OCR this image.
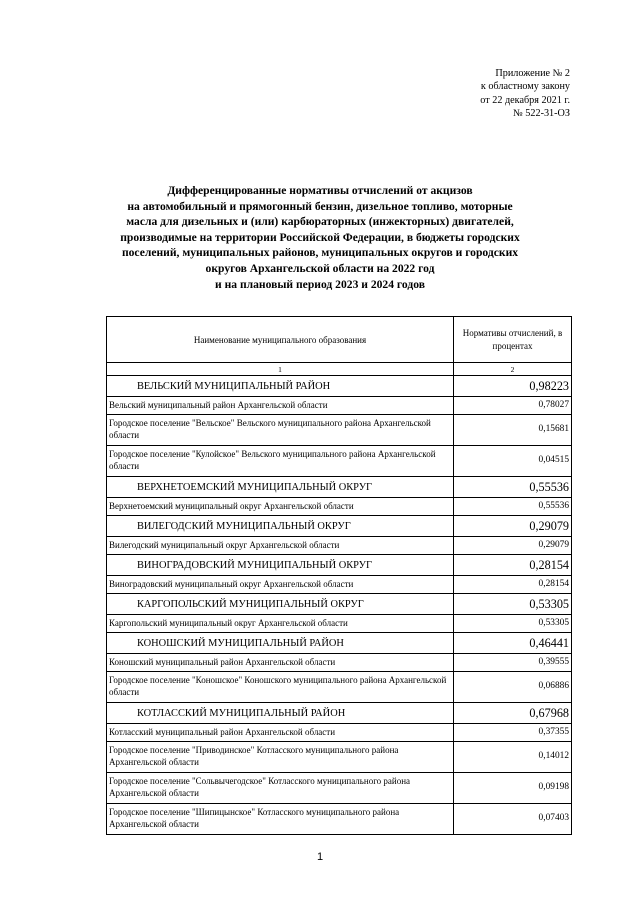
Приложение № 2
к областному закону
от 22 декабря 2021 г.
№ 522-31-ОЗ
Дифференцированные нормативы отчислений от акцизов
на автомобильный и прямогонный бензин, дизельное топливо, моторные
масла для дизельных и (или) карбюраторных (инжекторных) двигателей,
производимые на территории Российской Федерации, в бюджеты городских
поселений, муниципальных районов, муниципальных округов и городских
округов Архангельской области на 2022 год
и на плановый период 2023 и 2024 годов
Наименование муниципального образования	Нормативы отчислений, в процентах
1	2
ВЕЛЬСКИЙ МУНИЦИПАЛЬНЫЙ РАЙОН	0,98223
Вельский муниципальный район Архангельской области	0,78027
Городское поселение "Вельское" Вельского муниципального района Архангельской области	0,15681
Городское поселение "Кулойское" Вельского муниципального района Архангельской области	0,04515
ВЕРХНЕТОЕМСКИЙ МУНИЦИПАЛЬНЫЙ ОКРУГ	0,55536
Верхнетоемский муниципальный округ Архангельской области	0,55536
ВИЛЕГОДСКИЙ МУНИЦИПАЛЬНЫЙ ОКРУГ	0,29079
Вилегодский муниципальный округ Архангельской области	0,29079
ВИНОГРАДОВСКИЙ МУНИЦИПАЛЬНЫЙ ОКРУГ	0,28154
Виноградовский муниципальный округ Архангельской области	0,28154
КАРГОПОЛЬСКИЙ МУНИЦИПАЛЬНЫЙ ОКРУГ	0,53305
Каргопольский муниципальный округ Архангельской области	0,53305
КОНОШСКИЙ МУНИЦИПАЛЬНЫЙ РАЙОН	0,46441
Коношский муниципальный район Архангельской области	0,39555
Городское поселение "Коношское" Коношского муниципального района Архангельской области	0,06886
КОТЛАССКИЙ МУНИЦИПАЛЬНЫЙ РАЙОН	0,67968
Котласский муниципальный район Архангельской области	0,37355
Городское поселение "Приводинское" Котласского муниципального района Архангельской области	0,14012
Городское поселение "Сольвычегодское" Котласского муниципального района Архангельской области	0,09198
Городское поселение "Шипицынское" Котласского муниципального района Архангельской области	0,07403
1
